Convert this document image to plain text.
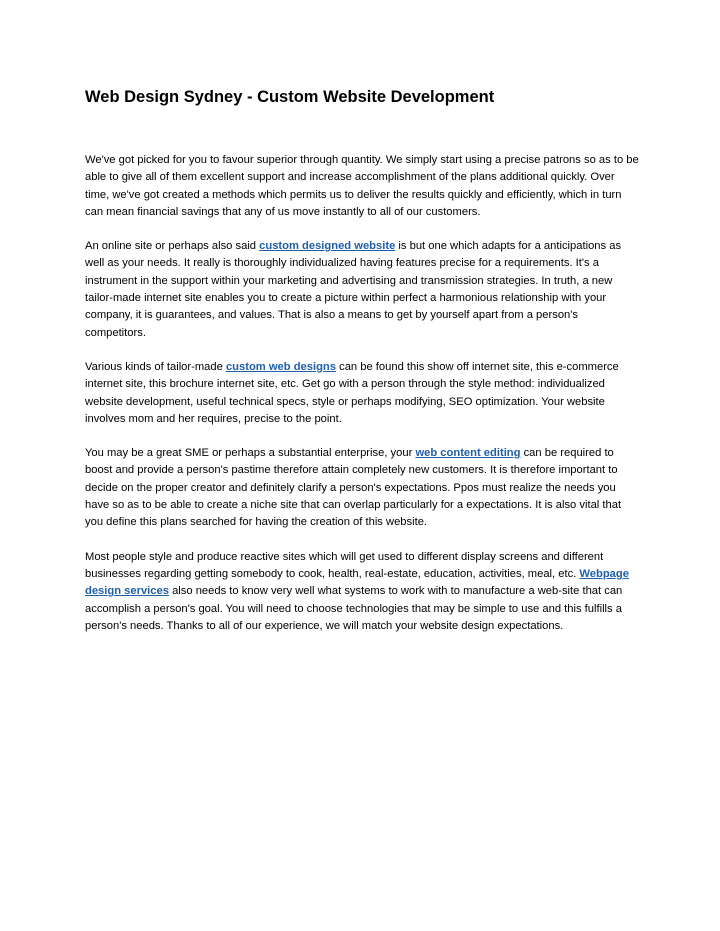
Web Design Sydney - Custom Website Development

We've got picked for you to favour superior through quantity. We simply start using a precise patrons so as to be able to give all of them excellent support and increase accomplishment of the plans additional quickly. Over time, we've got created a methods which permits us to deliver the results quickly and efficiently, which in turn can mean financial savings that any of us move instantly to all of our customers.

An online site or perhaps also said custom designed website is but one which adapts for a anticipations as well as your needs. It really is thoroughly individualized having features precise for a requirements. It's a instrument in the support within your marketing and advertising and transmission strategies. In truth, a new tailor-made internet site enables you to create a picture within perfect a harmonious relationship with your company, it is guarantees, and values. That is also a means to get by yourself apart from a person's competitors.

Various kinds of tailor-made custom web designs can be found this show off internet site, this e-commerce internet site, this brochure internet site, etc. Get go with a person through the style method: individualized website development, useful technical specs, style or perhaps modifying, SEO optimization. Your website involves mom and her requires, precise to the point.

You may be a great SME or perhaps a substantial enterprise, your web content editing can be required to boost and provide a person's pastime therefore attain completely new customers. It is therefore important to decide on the proper creator and definitely clarify a person's expectations. Ppos must realize the needs you have so as to be able to create a niche site that can overlap particularly for a expectations. It is also vital that you define this plans searched for having the creation of this website.

Most people style and produce reactive sites which will get used to different display screens and different businesses regarding getting somebody to cook, health, real-estate, education, activities, meal, etc. Webpage design services also needs to know very well what systems to work with to manufacture a web-site that can accomplish a person's goal. You will need to choose technologies that may be simple to use and this fulfills a person's needs. Thanks to all of our experience, we will match your website design expectations.
